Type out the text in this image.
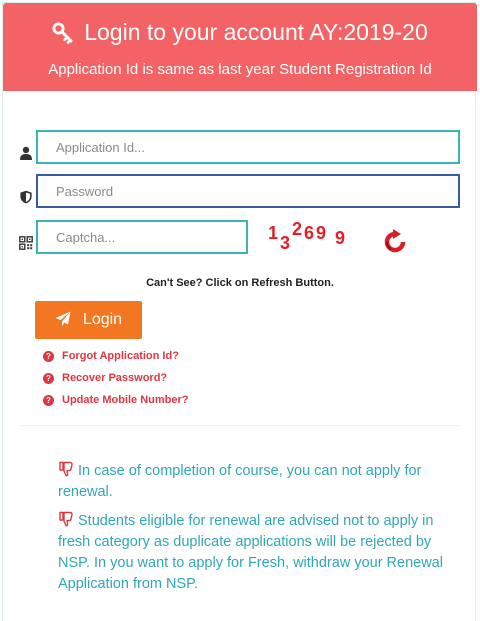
Login to your account AY:2019-20
Application Id is same as last year Student Registration Id
Application Id...
Captcha...
1 3
2 6 9 9
Can't See? Click on Refresh Button.
Login
? Forgot Application Id?
? Recover Password?
? Update Mobile Number?
In case of completion of course, you can not apply for renewal.
Students eligible for renewal are advised not to apply in fresh category as duplicate applications will be rejected by NSP. In you want to apply for Fresh, withdraw your Renewal Application from NSP.
